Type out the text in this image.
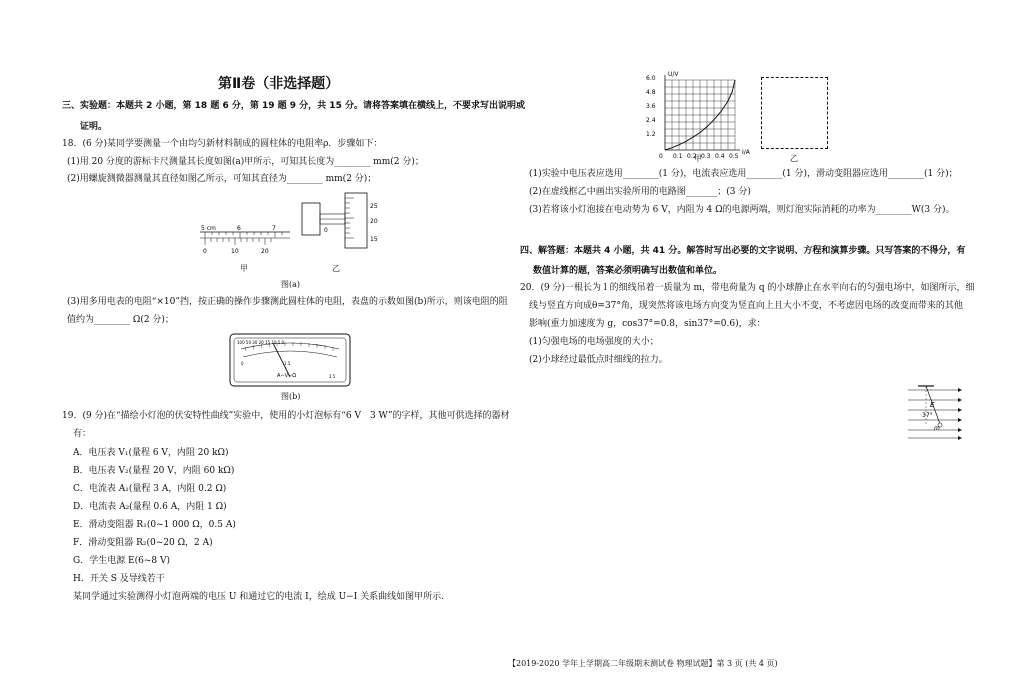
第Ⅱ卷（非选择题）
三、实验题：本题共 2 小题，第 18 题 6 分，第 19 题 9 分，共 15 分。请将答案填在横线上，不要求写出说明或
证明。
18．(6 分)某同学要测量一个由均匀新材料制成的圆柱体的电阻率ρ．步骤如下：
(1)用 20 分度的游标卡尺测量其长度如图(a)甲所示，可知其长度为________ mm(2 分)；
(2)用螺旋测微器测量其直径如图乙所示，可知其直径为________ mm(2 分)；
5 cm	6	7
0	10	20
甲
25
20
15
0
乙
图(a)
(3)用多用电表的电阻“×10”挡，按正确的操作步骤测此圆柱体的电阻，表盘的示数如图(b)所示，则该电阻的阻
值约为________ Ω(2 分)；
100 50 30 20 15 10 5 0
1.5
0
2.5
A−V−Ω
图(b)
19．(9 分)在“描绘小灯泡的伏安特性曲线”实验中，使用的小灯泡标有“6 V　3 W”的字样，其他可供选择的器材
有：
A．电压表 V₁(量程 6 V，内阻 20 kΩ)
B．电压表 V₂(量程 20 V，内阻 60 kΩ)
C．电流表 A₁(量程 3 A，内阻 0.2 Ω)
D．电流表 A₂(量程 0.6 A，内阻 1 Ω)
E．滑动变阻器 R₁(0~1 000 Ω，0.5 A)
F．滑动变阻器 R₂(0~20 Ω，2 A)
G．学生电源 E(6~8 V)
H．开关 S 及导线若干
某同学通过实验测得小灯泡两端的电压 U 和通过它的电流 I，绘成 U−I 关系曲线如图甲所示.
U/V
I/A
0
6.0
4.8
3.6
2.4
1.2
0.1 0.2 0.3 0.4 0.5
甲	乙
(1)实验中电压表应选用________(1 分)，电流表应选用________(1 分)，滑动变阻器应选用________(1 分)；
(2)在虚线框乙中画出实验所用的电路图_______；(3 分)
(3)若将该小灯泡接在电动势为 6 V，内阻为 4 Ω的电源两端，则灯泡实际消耗的功率为________W(3 分)。
四、解答题：本题共 4 小题，共 41 分。解答时写出必要的文字说明、方程和演算步骤。只写答案的不得分，有
数值计算的题，答案必须明确写出数值和单位。
20．(9 分)一根长为 l 的细线吊着一质量为 m，带电荷量为 q 的小球静止在水平向右的匀强电场中，如图所示，细
线与竖直方向成θ=37°角，现突然将该电场方向变为竖直向上且大小不变，不考虑因电场的改变而带来的其他
影响(重力加速度为 g，cos37°=0.8，sin37°=0.6)，求：
(1)匀强电场的电场强度的大小；
(2)小球经过最低点时细线的拉力。
E
37°
m
【2019-2020 学年上学期高二年级期末测试卷 物理试题】第 3 页 (共 4 页)
